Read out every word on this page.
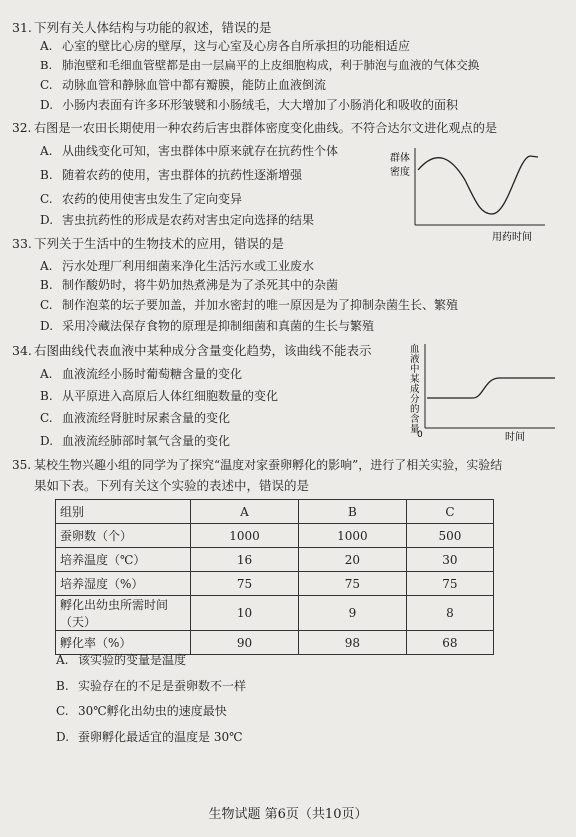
31. 下列有关人体结构与功能的叙述，错误的是
A. 心室的壁比心房的壁厚，这与心室及心房各自所承担的功能相适应
B. 肺泡壁和毛细血管壁都是由一层扁平的上皮细胞构成，利于肺泡与血液的气体交换
C. 动脉血管和静脉血管中都有瓣膜，能防止血液倒流
D. 小肠内表面有许多环形皱襞和小肠绒毛，大大增加了小肠消化和吸收的面积
32. 右图是一农田长期使用一种农药后害虫群体密度变化曲线。不符合达尔文进化观点的是
A. 从曲线变化可知，害虫群体中原来就存在抗药性个体
B. 随着农药的使用，害虫群体的抗药性逐渐增强
C. 农药的使用使害虫发生了定向变异
D. 害虫抗药性的形成是农药对害虫定向选择的结果
群体
密度
用药时间
33. 下列关于生活中的生物技术的应用，错误的是
A. 污水处理厂利用细菌来净化生活污水或工业废水
B. 制作酸奶时，将牛奶加热煮沸是为了杀死其中的杂菌
C. 制作泡菜的坛子要加盖，并加水密封的唯一原因是为了抑制杂菌生长、繁殖
D. 采用冷藏法保存食物的原理是抑制细菌和真菌的生长与繁殖
34. 右图曲线代表血液中某种成分含量变化趋势，该曲线不能表示
A. 血液流经小肠时葡萄糖含量的变化
B. 从平原进入高原后人体红细胞数量的变化
C. 血液流经肾脏时尿素含量的变化
D. 血液流经肺部时氧气含量的变化
血
液
中
某
成
分
的
含
量
0	时间
35. 某校生物兴趣小组的同学为了探究“温度对家蚕卵孵化的影响”，进行了相关实验，实验结
果如下表。下列有关这个实验的表述中，错误的是
组别	A	B	C
蚕卵数（个）	1000	1000	500
培养温度（℃）	16	20	30
培养湿度（%）	75	75	75
孵化出幼虫所需时间（天）	10	9	8
孵化率（%）	90	98	68
A. 该实验的变量是温度
B. 实验存在的不足是蚕卵数不一样
C. 30℃孵化出幼虫的速度最快
D. 蚕卵孵化最适宜的温度是 30℃
生物试题 第6页（共10页）
